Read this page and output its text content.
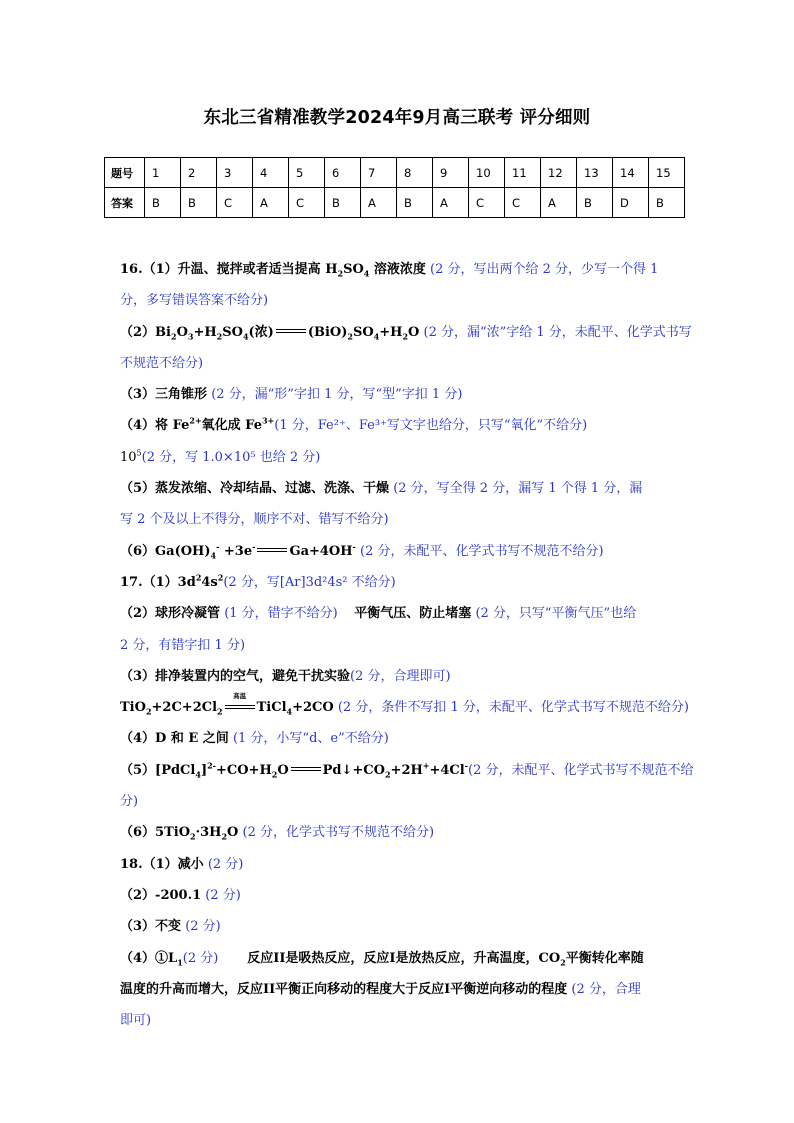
东北三省精准教学2024年9月高三联考 评分细则
题号	1	2	3	4	5	6	7	8	9	10	11	12	13	14	15
答案	B	B	C	A	C	B	A	B	A	C	C	A	B	D	B
16.（1）升温、搅拌或者适当提高 $H_2SO_4$ 溶液浓度 (2 分，写出两个给 2 分，少写一个得 1
分，多写错误答案不给分)
$(2)Bi_2O_3+H_2SO_4$(浓)	$(BiO)_2SO_4+H_2O$ (2 分，漏“浓”字给 1 分，未配平、化学式书写
不规范不给分)
（3）三角锥形 (2 分，漏“形”字扣 1 分，写“型”字扣 1 分)
（4）将 $Fe^{2+}$氧化成 $Fe^{3+}(1$ 分，Fe²⁺、Fe³⁺写文字也给分，只写“氧化”不给分)
$10^5(2$ 分，写 1.0×10⁵ 也给 2 分)
（5）蒸发浓缩、冷却结晶、过滤、洗涤、干燥 (2 分，写全得 2 分，漏写 1 个得 1 分，漏
写 2 个及以上不得分，顺序不对、错写不给分)
$(6)Ga(OH)_4^- +3e^-$	Ga+4OH- (2 分，未配平、化学式书写不规范不给分)
$17.(1)3d^24s^2(2$ 分，写[Ar]3d²4s² 不给分)
（2）球形冷凝管 (1 分，错字不给分) 平衡气压、防止堵塞 (2 分，只写“平衡气压”也给
2 分，有错字扣 1 分)
（3）排净装置内的空气，避免干扰实验(2 分，合理即可)
$TiO_2+2C+2Cl_2$
高温
TiCl$_4$+2CO (2 分，条件不写扣 1 分，未配平、化学式书写不规范不给分)
（4）D 和 E 之间 (1 分，小写“d、e”不给分)
$(5)[PdCl_4]^{2-}+CO+H_2O$	$Pd↓+CO_2+2H^++4Cl^-(2$ 分，未配平、化学式书写不规范不给
分)
$(6)5TiO_2\cdot 3H_2O$ (2 分，化学式书写不规范不给分)
18.（1）减小 (2 分)
（2）-200.1 (2 分)
（3）不变 (2 分)
$(4)①L_1(2$ 分) 反应II是吸热反应，反应I是放热反应，升高温度，$CO_2$平衡转化率随
温度的升高而增大，反应II平衡正向移动的程度大于反应I平衡逆向移动的程度 (2 分，合理
即可)
